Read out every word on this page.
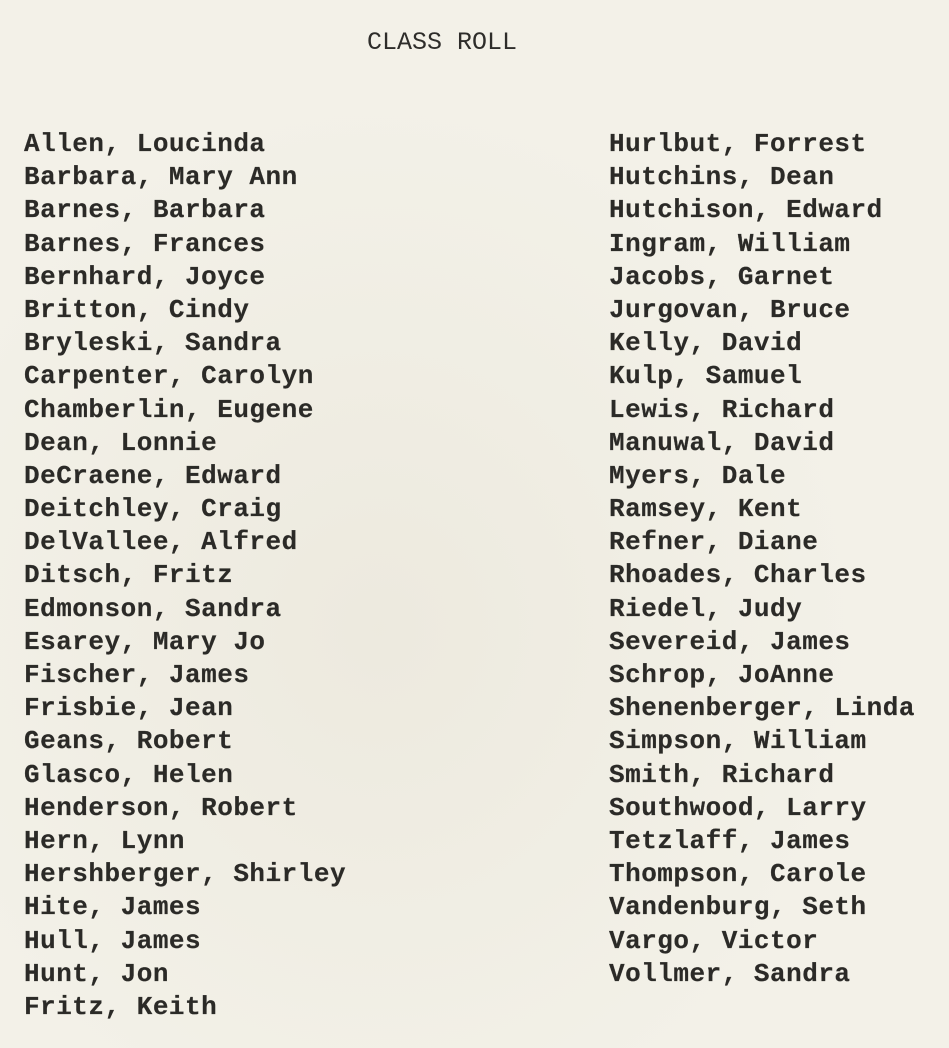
CLASS ROLL
Allen, Loucinda
Barbara, Mary Ann
Barnes, Barbara
Barnes, Frances
Bernhard, Joyce
Britton, Cindy
Bryleski, Sandra
Carpenter, Carolyn
Chamberlin, Eugene
Dean, Lonnie
DeCraene, Edward
Deitchley, Craig
DelVallee, Alfred
Ditsch, Fritz
Edmonson, Sandra
Esarey, Mary Jo
Fischer, James
Frisbie, Jean
Geans, Robert
Glasco, Helen
Henderson, Robert
Hern, Lynn
Hershberger, Shirley
Hite, James
Hull, James
Hunt, Jon
Fritz, Keith
Hurlbut, Forrest
Hutchins, Dean
Hutchison, Edward
Ingram, William
Jacobs, Garnet
Jurgovan, Bruce
Kelly, David
Kulp, Samuel
Lewis, Richard
Manuwal, David
Myers, Dale
Ramsey, Kent
Refner, Diane
Rhoades, Charles
Riedel, Judy
Severeid, James
Schrop, JoAnne
Shenenberger, Linda
Simpson, William
Smith, Richard
Southwood, Larry
Tetzlaff, James
Thompson, Carole
Vandenburg, Seth
Vargo, Victor
Vollmer, Sandra
